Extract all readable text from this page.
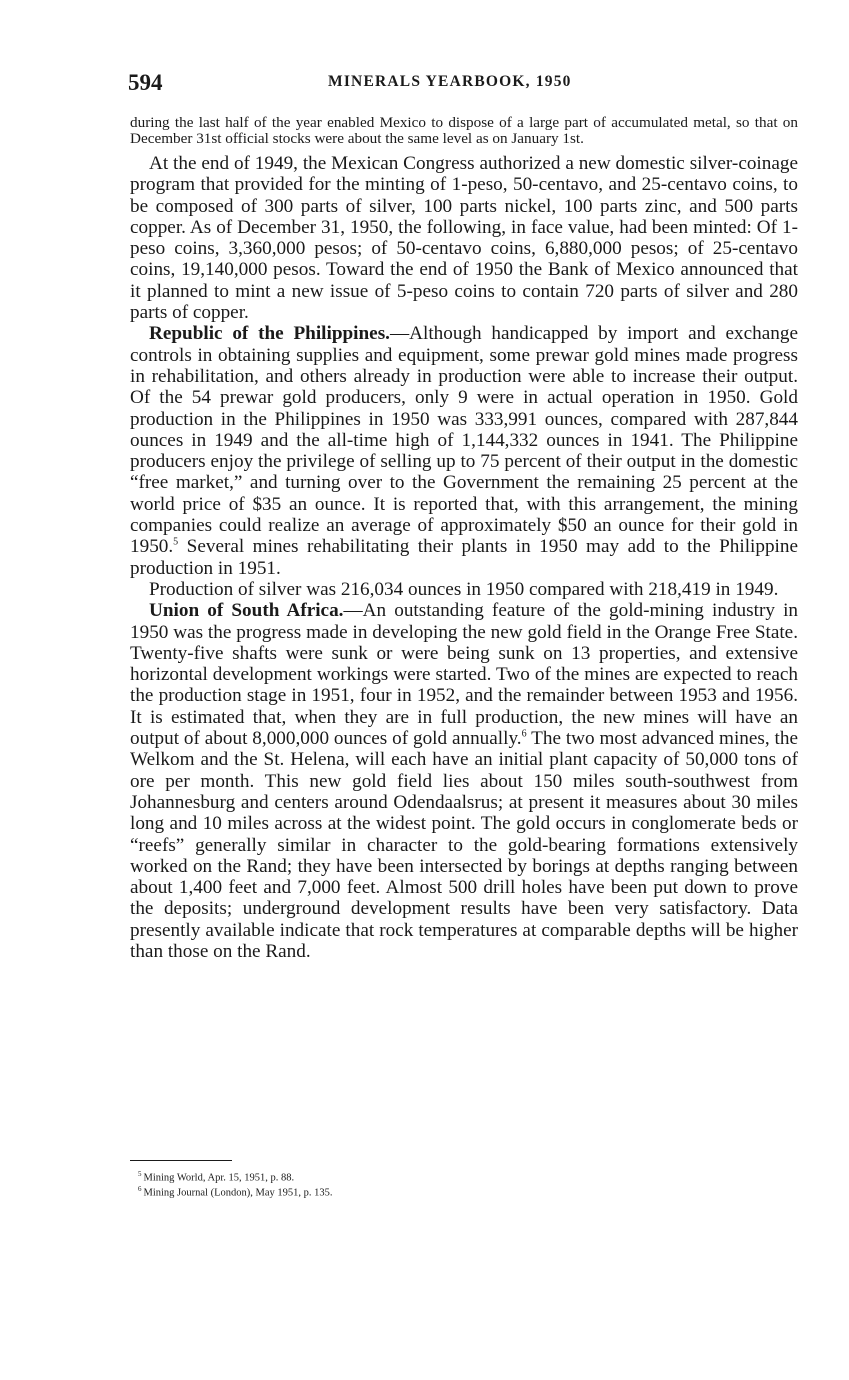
594	MINERALS YEARBOOK, 1950

during the last half of the year enabled Mexico to dispose of a large part of accumulated metal, so that on December 31st official stocks were about the same level as on January 1st.

At the end of 1949, the Mexican Congress authorized a new domestic silver-coinage program that provided for the minting of 1-peso, 50-centavo, and 25-centavo coins, to be composed of 300 parts of silver, 100 parts nickel, 100 parts zinc, and 500 parts copper. As of December 31, 1950, the following, in face value, had been minted: Of 1-peso coins, 3,360,000 pesos; of 50-centavo coins, 6,880,000 pesos; of 25-centavo coins, 19,140,000 pesos. Toward the end of 1950 the Bank of Mexico announced that it planned to mint a new issue of 5-peso coins to contain 720 parts of silver and 280 parts of copper.

Republic of the Philippines.—Although handicapped by import and exchange controls in obtaining supplies and equipment, some prewar gold mines made progress in rehabilitation, and others already in production were able to increase their output. Of the 54 prewar gold producers, only 9 were in actual operation in 1950. Gold production in the Philippines in 1950 was 333,991 ounces, compared with 287,844 ounces in 1949 and the all-time high of 1,144,332 ounces in 1941. The Philippine producers enjoy the privilege of selling up to 75 percent of their output in the domestic “free market,” and turning over to the Government the remaining 25 percent at the world price of $35 an ounce. It is reported that, with this arrangement, the mining companies could realize an average of approximately $50 an ounce for their gold in 1950.$^5$ Several mines rehabilitating their plants in 1950 may add to the Philippine production in 1951.

Production of silver was 216,034 ounces in 1950 compared with 218,419 in 1949.

Union of South Africa.—An outstanding feature of the gold-mining industry in 1950 was the progress made in developing the new gold field in the Orange Free State. Twenty-five shafts were sunk or were being sunk on 13 properties, and extensive horizontal development workings were started. Two of the mines are expected to reach the production stage in 1951, four in 1952, and the remainder between 1953 and 1956. It is estimated that, when they are in full production, the new mines will have an output of about 8,000,000 ounces of gold annually.$^6$ The two most advanced mines, the Welkom and the St. Helena, will each have an initial plant capacity of 50,000 tons of ore per month. This new gold field lies about 150 miles south-southwest from Johannesburg and centers around Odendaalsrus; at present it measures about 30 miles long and 10 miles across at the widest point. The gold occurs in conglomerate beds or “reefs” generally similar in character to the gold-bearing formations extensively worked on the Rand; they have been intersected by borings at depths ranging between about 1,400 feet and 7,000 feet. Almost 500 drill holes have been put down to prove the deposits; underground development results have been very satisfactory. Data presently available indicate that rock temperatures at comparable depths will be higher than those on the Rand.

$^5$ Mining World, Apr. 15, 1951, p. 88.

$^6$ Mining Journal (London), May 1951, p. 135.
